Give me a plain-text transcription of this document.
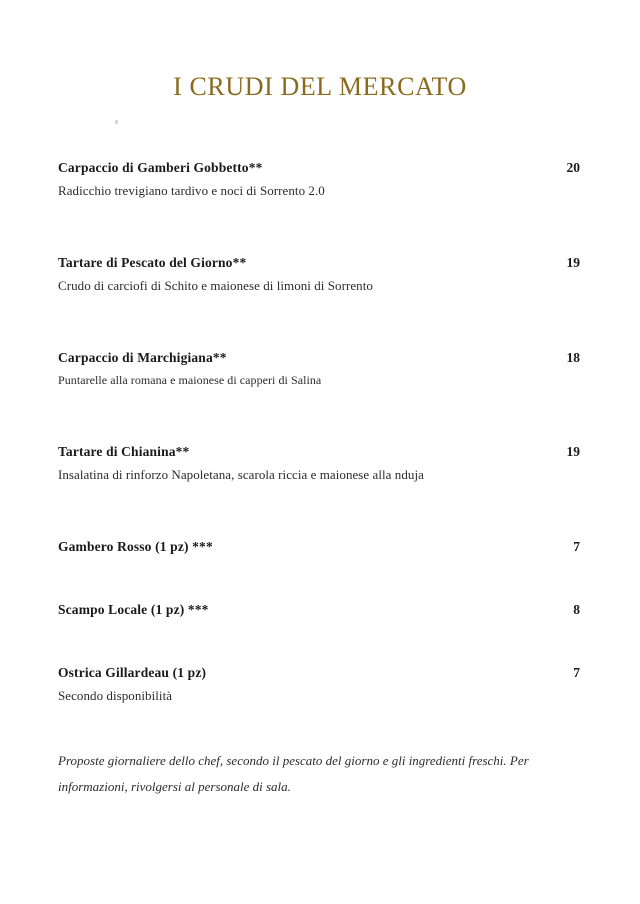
I CRUDI DEL MERCATO
Carpaccio di Gamberi Gobbetto**	20
Radicchio trevigiano tardivo e noci di Sorrento 2.0
Tartare di Pescato del Giorno**	19
Crudo di carciofi di Schito e maionese di limoni di Sorrento
Carpaccio di Marchigiana**	18
Puntarelle alla romana e maionese di capperi di Salina
Tartare di Chianina**	19
Insalatina di rinforzo Napoletana, scarola riccia e maionese alla nduja
Gambero Rosso (1 pz) ***	7
Scampo Locale (1 pz) ***	8
Ostrica Gillardeau (1 pz)	7
Secondo disponibilità
Proposte giornaliere dello chef, secondo il pescato del giorno e gli ingredienti freschi. Per informazioni, rivolgersi al personale di sala.
